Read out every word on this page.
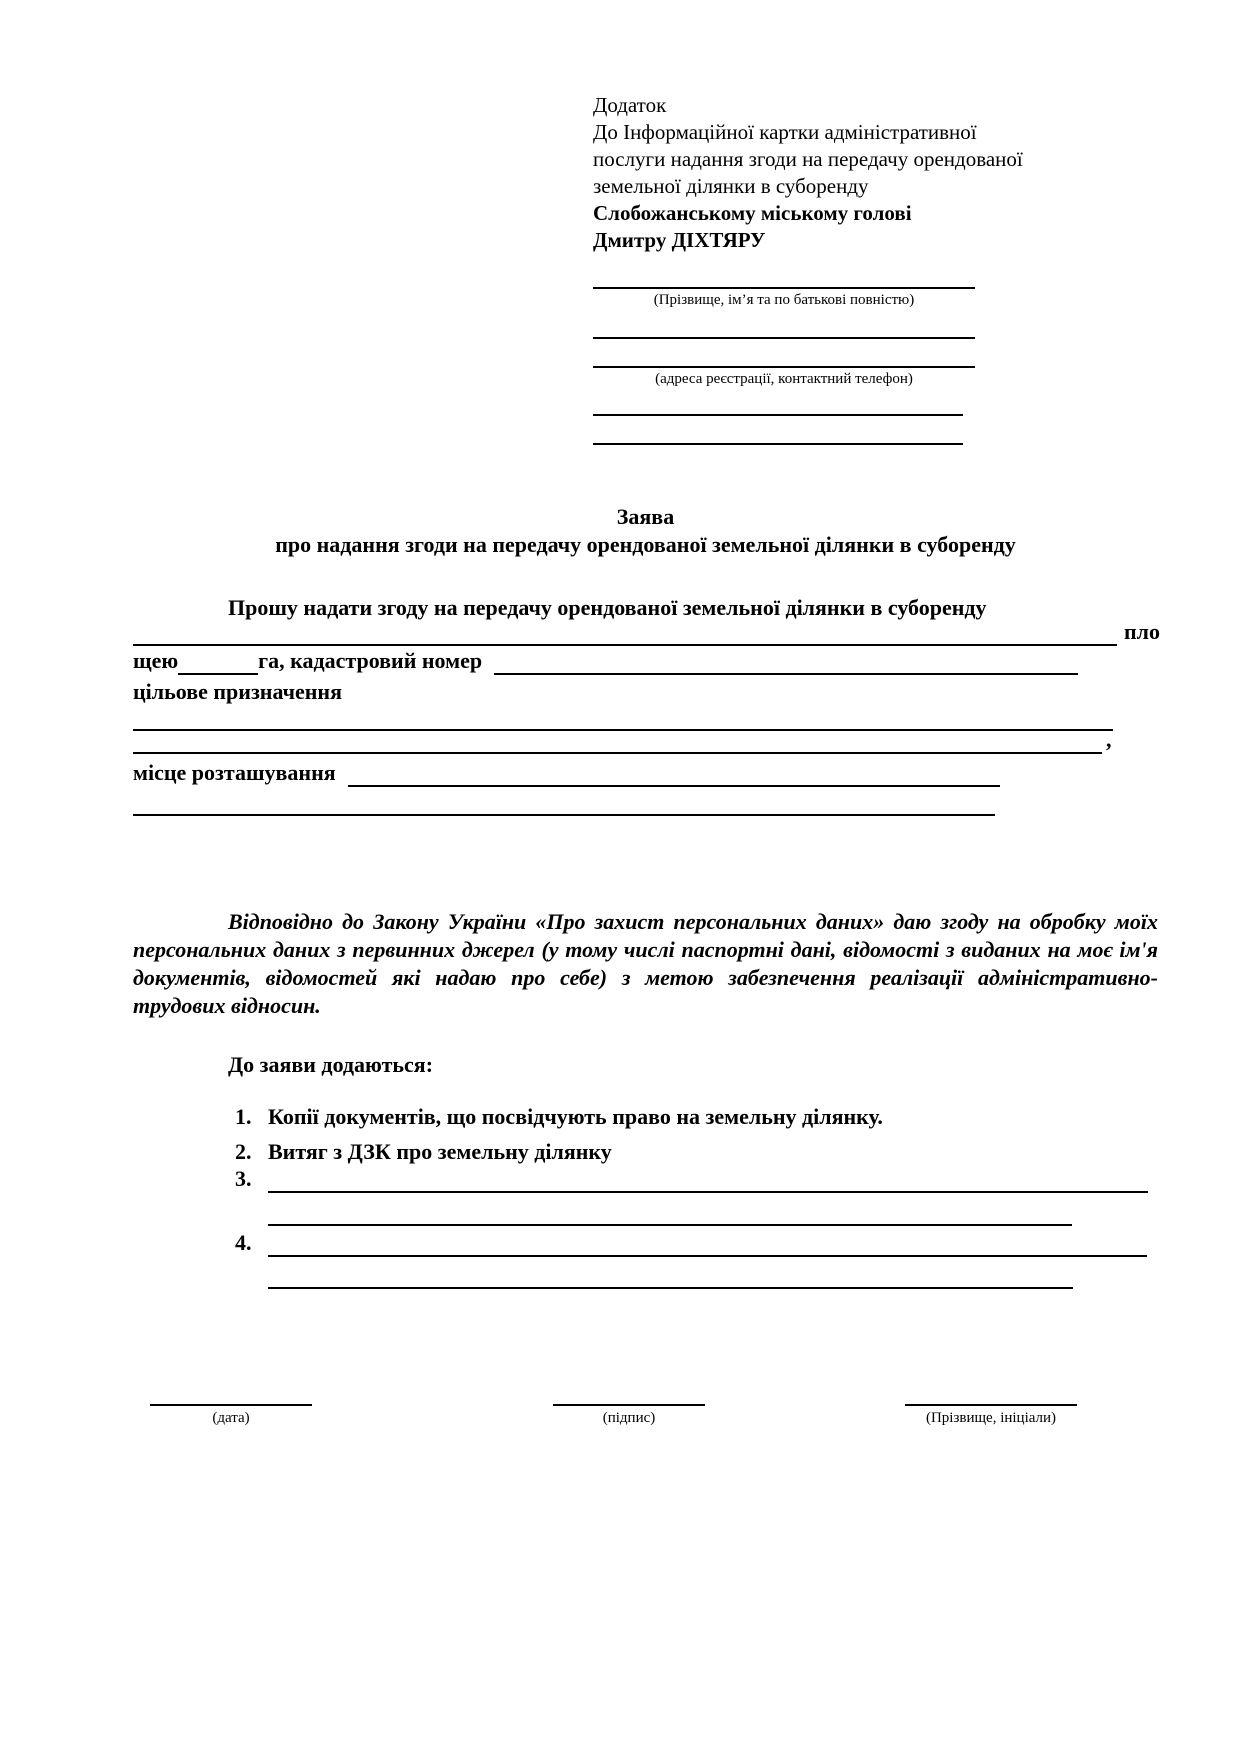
Додаток
До Інформаційної картки адміністративної
послуги надання згоди на передачу орендованої
земельної ділянки в суборенду
Слобожанському міському голові
Дмитру ДІХТЯРУ
(Прізвище, ім’я та по батькові повністю)
(адреса реєстрації, контактний телефон)
Заява
про надання згоди на передачу орендованої земельної ділянки в суборенду
Прошу надати згоду на передачу орендованої земельної ділянки в суборенду
пло
щею	га, кадастровий номер
цільове призначення
,
місце розташування
Відповідно до Закону України «Про захист персональних даних» даю згоду на обробку моїх персональних даних з первинних джерел (у тому числі паспортні дані, відомості з виданих на моє ім'я документів, відомостей які надаю про себе) з метою забезпечення реалізації адміністративно-трудових відносин.
До заяви додаються:
1. Копії документів, що посвідчують право на земельну ділянку.
2. Витяг з ДЗК про земельну ділянку
3.
4.
(дата)	(підпис)	(Прізвище, ініціали)
